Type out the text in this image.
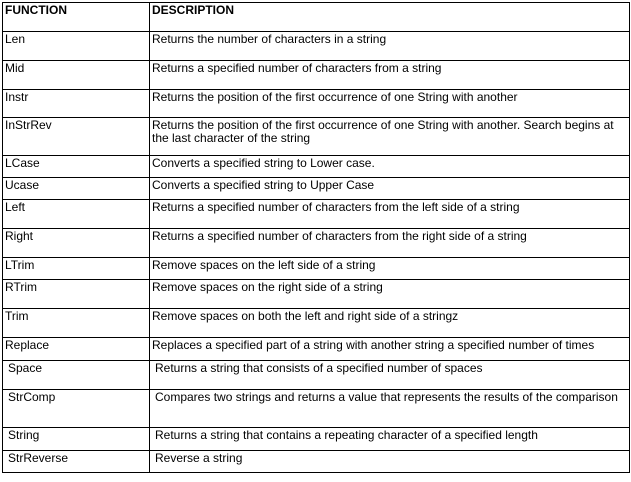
FUNCTION	DESCRIPTION
Len	Returns the number of characters in a string
Mid	Returns a specified number of characters from a string
Instr	Returns the position of the first occurrence of one String with another
InStrRev	Returns the position of the first occurrence of one String with another. Search begins at the last character of the string
LCase	Converts a specified string to Lower case.
Ucase	Converts a specified string to Upper Case
Left	Returns a specified number of characters from the left side of a string
Right	Returns a specified number of characters from the right side of a string
LTrim	Remove spaces on the left side of a string
RTrim	Remove spaces on the right side of a string
Trim	Remove spaces on both the left and right side of a stringz
Replace	Replaces a specified part of a string with another string a specified number of times
Space	Returns a string that consists of a specified number of spaces
StrComp	Compares two strings and returns a value that represents the results of the comparison
String	Returns a string that contains a repeating character of a specified length
StrReverse	Reverse a string
